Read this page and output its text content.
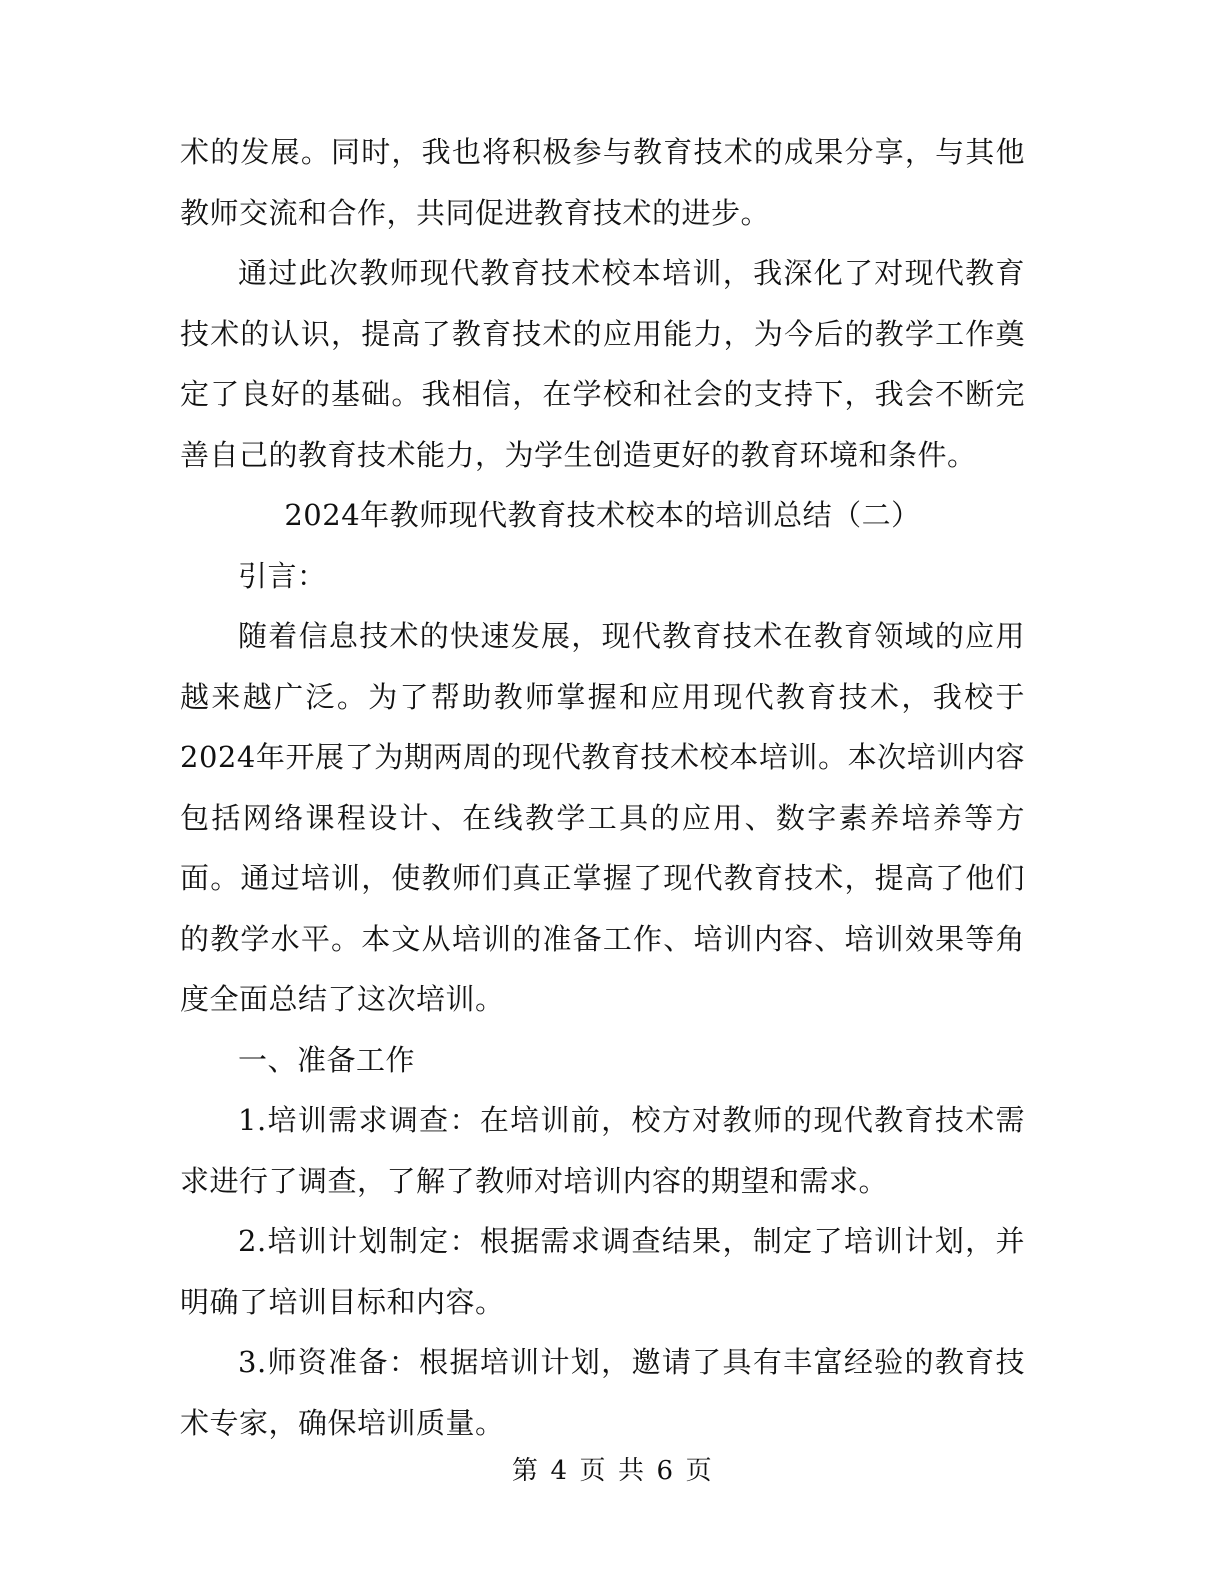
术的发展。同时，我也将积极参与教育技术的成果分享，与其他教师交流和合作，共同促进教育技术的进步。

通过此次教师现代教育技术校本培训，我深化了对现代教育技术的认识，提高了教育技术的应用能力，为今后的教学工作奠定了良好的基础。我相信，在学校和社会的支持下，我会不断完善自己的教育技术能力，为学生创造更好的教育环境和条件。

2024年教师现代教育技术校本的培训总结（二）

引言：

随着信息技术的快速发展，现代教育技术在教育领域的应用越来越广泛。为了帮助教师掌握和应用现代教育技术，我校于2024年开展了为期两周的现代教育技术校本培训。本次培训内容包括网络课程设计、在线教学工具的应用、数字素养培养等方面。通过培训，使教师们真正掌握了现代教育技术，提高了他们的教学水平。本文从培训的准备工作、培训内容、培训效果等角度全面总结了这次培训。

一、准备工作

1.培训需求调查：在培训前，校方对教师的现代教育技术需求进行了调查，了解了教师对培训内容的期望和需求。

2.培训计划制定：根据需求调查结果，制定了培训计划，并明确了培训目标和内容。

3.师资准备：根据培训计划，邀请了具有丰富经验的教育技术专家，确保培训质量。

第 4 页 共 6 页
